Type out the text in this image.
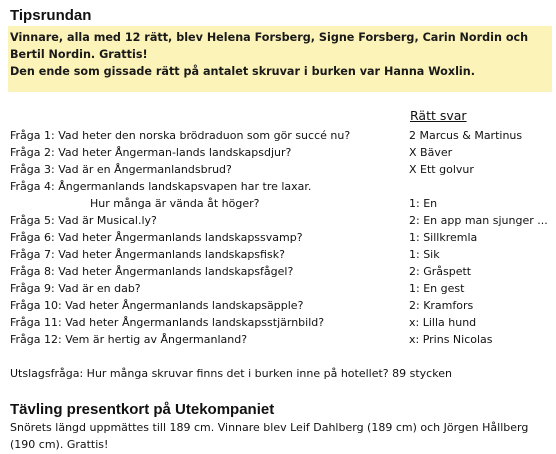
Tipsrundan
Vinnare, alla med 12 rätt, blev Helena Forsberg, Signe Forsberg, Carin Nordin och
Bertil Nordin. Grattis!
Den ende som gissade rätt på antalet skruvar i burken var Hanna Woxlin.
Rätt svar
Fråga 1: Vad heter den norska brödraduon som gör succé nu?	2 Marcus & Martinus
Fråga 2: Vad heter Ångerman-lands landskapsdjur?	X Bäver
Fråga 3: Vad är en Ångermanlandsbrud?	X Ett golvur
Fråga 4: Ångermanlands landskapsvapen har tre laxar.
Hur många är vända åt höger?	1: En
Fråga 5: Vad är Musical.ly?	2: En app man sjunger ...
Fråga 6: Vad heter Ångermanlands landskapssvamp?	1: Sillkremla
Fråga 7: Vad heter Ångermanlands landskapsfisk?	1: Sik
Fråga 8: Vad heter Ångermanlands landskapsfågel?	2: Gråspett
Fråga 9: Vad är en dab?	1: En gest
Fråga 10: Vad heter Ångermanlands landskapsäpple?	2: Kramfors
Fråga 11: Vad heter Ångermanlands landskapsstjärnbild?	x: Lilla hund
Fråga 12: Vem är hertig av Ångermanland?	x: Prins Nicolas
Utslagsfråga: Hur många skruvar finns det i burken inne på hotellet? 89 stycken
Tävling presentkort på Utekompaniet
Snörets längd uppmättes till 189 cm. Vinnare blev Leif Dahlberg (189 cm) och Jörgen Hållberg
(190 cm). Grattis!
